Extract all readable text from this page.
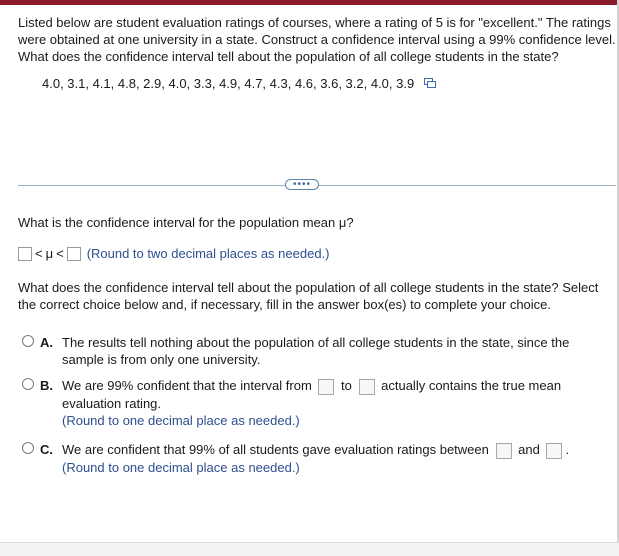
Listed below are student evaluation ratings of courses, where a rating of 5 is for "excellent." The ratings were obtained at one university in a state. Construct a confidence interval using a 99% confidence level. What does the confidence interval tell about the population of all college students in the state?
4.0, 3.1, 4.1, 4.8, 2.9, 4.0, 3.3, 4.9, 4.7, 4.3, 4.6, 3.6, 3.2, 4.0, 3.9
••••
What is the confidence interval for the population mean μ?
< μ < (Round to two decimal places as needed.)
What does the confidence interval tell about the population of all college students in the state? Select the correct choice below and, if necessary, fill in the answer box(es) to complete your choice.
A. The results tell nothing about the population of all college students in the state, since the
sample is from only one university.
B. We are 99% confident that the interval from to actually contains the true mean
evaluation rating.
(Round to one decimal place as needed.)
C. We are confident that 99% of all students gave evaluation ratings between and .
(Round to one decimal place as needed.)
